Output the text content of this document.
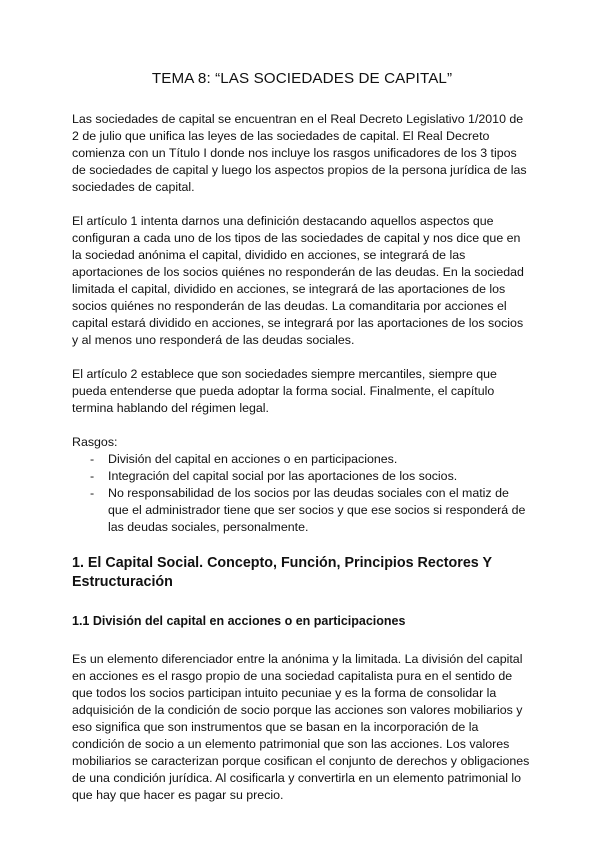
TEMA 8: “LAS SOCIEDADES DE CAPITAL”

Las sociedades de capital se encuentran en el Real Decreto Legislativo 1/2010 de 2 de julio que unifica las leyes de las sociedades de capital. El Real Decreto comienza con un Título I donde nos incluye los rasgos unificadores de los 3 tipos de sociedades de capital y luego los aspectos propios de la persona jurídica de las sociedades de capital.

El artículo 1 intenta darnos una definición destacando aquellos aspectos que configuran a cada uno de los tipos de las sociedades de capital y nos dice que en la sociedad anónima el capital, dividido en acciones, se integrará de las aportaciones de los socios quiénes no responderán de las deudas. En la sociedad limitada el capital, dividido en acciones, se integrará de las aportaciones de los socios quiénes no responderán de las deudas. La comanditaria por acciones el capital estará dividido en acciones, se integrará por las aportaciones de los socios y al menos uno responderá de las deudas sociales.

El artículo 2 establece que son sociedades siempre mercantiles, siempre que pueda entenderse que pueda adoptar la forma social. Finalmente, el capítulo termina hablando del régimen legal.

Rasgos:

- División del capital en acciones o en participaciones.
- Integración del capital social por las aportaciones de los socios.
- No responsabilidad de los socios por las deudas sociales con el matiz de que el administrador tiene que ser socios y que ese socios si responderá de las deudas sociales, personalmente.
1. El Capital Social. Concepto, Función, Principios Rectores Y Estructuración
1.1 División del capital en acciones o en participaciones

Es un elemento diferenciador entre la anónima y la limitada. La división del capital en acciones es el rasgo propio de una sociedad capitalista pura en el sentido de que todos los socios participan intuito pecuniae y es la forma de consolidar la adquisición de la condición de socio porque las acciones son valores mobiliarios y eso significa que son instrumentos que se basan en la incorporación de la condición de socio a un elemento patrimonial que son las acciones. Los valores mobiliarios se caracterizan porque cosifican el conjunto de derechos y obligaciones de una condición jurídica. Al cosificarla y convertirla en un elemento patrimonial lo que hay que hacer es pagar su precio.
